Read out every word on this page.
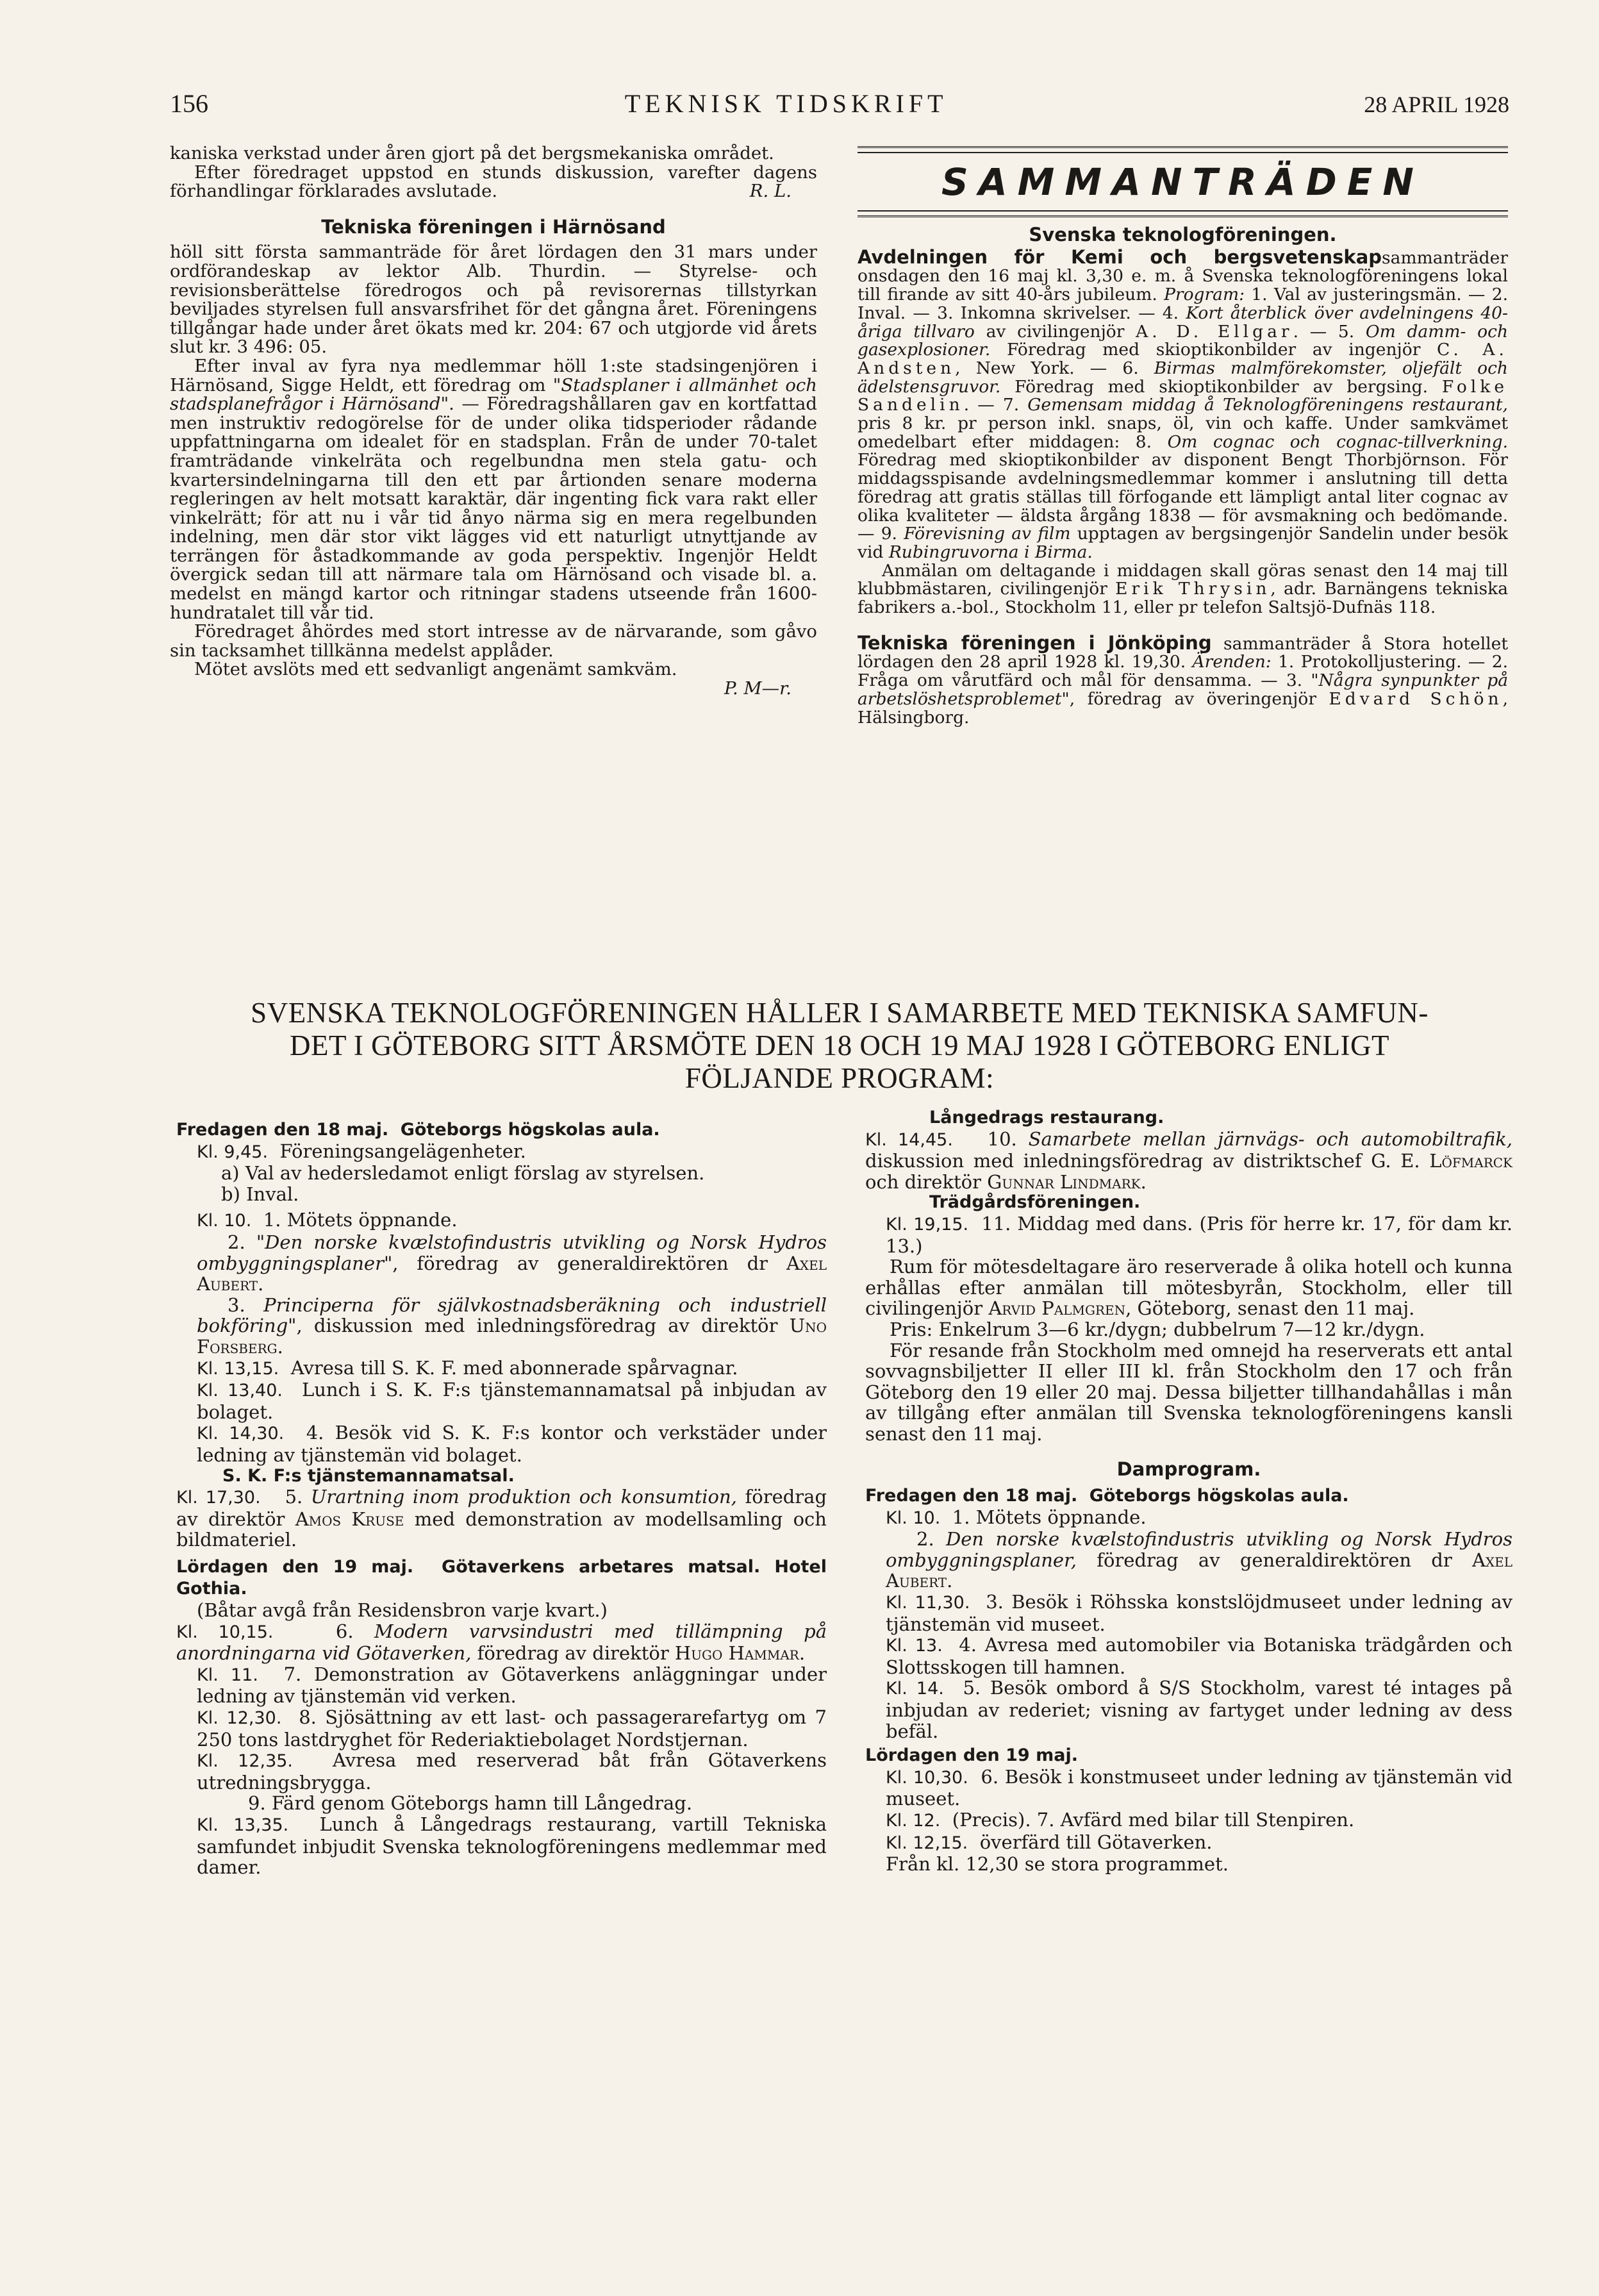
156	TEKNISK TIDSKRIFT	28 APRIL 1928

kaniska verkstad under åren gjort på det bergsmekaniska området.

Efter föredraget uppstod en stunds diskussion, varefter dagens förhandlingar förklarades avslutade.	R. L.

Tekniska föreningen i Härnösand

höll sitt första sammanträde för året lördagen den 31 mars under ordförandeskap av lektor Alb. Thurdin. — Styrelse- och revisionsberättelse föredrogos och på revisorernas tillstyrkan beviljades styrelsen full ansvarsfrihet för det gångna året. Föreningens tillgångar hade under året ökats med kr. 204: 67 och utgjorde vid årets slut kr. 3 496: 05.

Efter inval av fyra nya medlemmar höll 1:ste stadsingenjören i Härnösand, Sigge Heldt, ett föredrag om "Stadsplaner i allmänhet och stadsplanefrågor i Härnösand". — Föredragshållaren gav en kortfattad men instruktiv redogörelse för de under olika tidsperioder rådande uppfattningarna om idealet för en stadsplan. Från de under 70-talet framträdande vinkelräta och regelbundna men stela gatu- och kvartersindelningarna till den ett par årtionden senare moderna regleringen av helt motsatt karaktär, där ingenting fick vara rakt eller vinkelrätt; för att nu i vår tid ånyo närma sig en mera regelbunden indelning, men där stor vikt lägges vid ett naturligt utnyttjande av terrängen för åstadkommande av goda perspektiv. Ingenjör Heldt övergick sedan till att närmare tala om Härnösand och visade bl. a. medelst en mängd kartor och ritningar stadens utseende från 1600-hundratalet till vår tid.

Föredraget åhördes med stort intresse av de närvarande, som gåvo sin tacksamhet tillkänna medelst applåder.

Mötet avslöts med ett sedvanligt angenämt samkväm.

P. M—r.

SAMMANTRÄDEN
Svenska teknologföreningen.

Avdelningen för Kemi och bergsvetenskapsammanträder onsdagen den 16 maj kl. 3,30 e. m. å Svenska teknologföreningens lokal till firande av sitt 40-års jubileum. Program: 1. Val av justeringsmän. — 2. Inval. — 3. Inkomna skrivelser. — 4. Kort återblick över avdelningens 40-åriga tillvaro av civilingenjör A. D. Ellgar. — 5. Om damm- och gasexplosioner. Föredrag med skioptikonbilder av ingenjör C. A. Andsten, New York. — 6. Birmas malmförekomster, oljefält och ädelstensgruvor. Föredrag med skioptikonbilder av bergsing. Folke Sandelin. — 7. Gemensam middag å Teknologföreningens restaurant, pris 8 kr. pr person inkl. snaps, öl, vin och kaffe. Under samkvämet omedelbart efter middagen: 8. Om cognac och cognac-tillverkning. Föredrag med skioptikonbilder av disponent Bengt Thorbjörnson. För middagsspisande avdelningsmedlemmar kommer i anslutning till detta föredrag att gratis ställas till förfogande ett lämpligt antal liter cognac av olika kvaliteter — äldsta årgång 1838 — för avsmakning och bedömande. — 9. Förevisning av film upptagen av bergsingenjör Sandelin under besök vid Rubingruvorna i Birma.

Anmälan om deltagande i middagen skall göras senast den 14 maj till klubbmästaren, civilingenjör Erik Thrysin, adr. Barnängens tekniska fabrikers a.-bol., Stockholm 11, eller pr telefon Saltsjö-Dufnäs 118.

Tekniska föreningen i Jönköping sammanträder å Stora hotellet lördagen den 28 april 1928 kl. 19,30. Ärenden: 1. Protokolljustering. — 2. Fråga om vårutfärd och mål för densamma. — 3. "Några synpunkter på arbetslöshetsproblemet", föredrag av överingenjör Edvard Schön, Hälsingborg.

SVENSKA TEKNOLOGFÖRENINGEN HÅLLER I SAMARBETE MED TEKNISKA SAMFUN-
DET I GÖTEBORG SITT ÅRSMÖTE DEN 18 OCH 19 MAJ 1928 I GÖTEBORG ENLIGT
FÖLJANDE PROGRAM:

Fredagen den 18 maj. Göteborgs högskolas aula.

Kl. 9,45. Föreningsangelägenheter.

a) Val av hedersledamot enligt förslag av styrelsen.

b) Inval.

Kl. 10. 1. Mötets öppnande.

2. "Den norske kvælstofindustris utvikling og Norsk Hydros ombyggningsplaner", föredrag av generaldirektören dr Axel Aubert.

3. Principerna för självkostnadsberäkning och industriell bokföring", diskussion med inledningsföredrag av direktör Uno Forsberg.

Kl. 13,15. Avresa till S. K. F. med abonnerade spårvagnar.

Kl. 13,40. Lunch i S. K. F:s tjänstemannamatsal på inbjudan av bolaget.

Kl. 14,30. 4. Besök vid S. K. F:s kontor och verkstäder under ledning av tjänstemän vid bolaget.

S. K. F:s tjänstemannamatsal.

Kl. 17,30. 5. Urartning inom produktion och konsumtion, föredrag av direktör Amos Kruse med demonstration av modellsamling och bildmateriel.

Lördagen den 19 maj. Götaverkens arbetares matsal. Hotel Gothia.

(Båtar avgå från Residensbron varje kvart.)

Kl. 10,15.	6. Modern varvsindustri med tillämpning på anordningarna vid Götaverken, föredrag av direktör Hugo Hammar.

Kl. 11. 7. Demonstration av Götaverkens anläggningar under ledning av tjänstemän vid verken.

Kl. 12,30. 8. Sjösättning av ett last- och passagerarefartyg om 7 250 tons lastdryghet för Rederiaktiebolaget Nordstjernan.

Kl. 12,35. Avresa med reserverad båt från Götaverkens utredningsbrygga.

9. Färd genom Göteborgs hamn till Långedrag.

Kl. 13,35. Lunch å Långedrags restaurang, vartill Tekniska samfundet inbjudit Svenska teknologföreningens medlemmar med damer.

Långedrags restaurang.

Kl. 14,45. 10. Samarbete mellan järnvägs- och automobiltrafik, diskussion med inledningsföredrag av distriktschef G. E. Löfmarck och direktör Gunnar Lindmark.

Trädgårdsföreningen.

Kl. 19,15. 11. Middag med dans. (Pris för herre kr. 17, för dam kr. 13.)

Rum för mötesdeltagare äro reserverade å olika hotell och kunna erhållas efter anmälan till mötesbyrån, Stockholm, eller till civilingenjör Arvid Palmgren, Göteborg, senast den 11 maj.

Pris: Enkelrum 3—6 kr./dygn; dubbelrum 7—12 kr./dygn.

För resande från Stockholm med omnejd ha reserverats ett antal sovvagnsbiljetter II eller III kl. från Stockholm den 17 och från Göteborg den 19 eller 20 maj. Dessa biljetter tillhandahållas i mån av tillgång efter anmälan till Svenska teknologföreningens kansli senast den 11 maj.

Damprogram.

Fredagen den 18 maj. Göteborgs högskolas aula.

Kl. 10. 1. Mötets öppnande.

2. Den norske kvælstofindustris utvikling og Norsk Hydros ombyggningsplaner, föredrag av generaldirektören dr Axel Aubert.

Kl. 11,30. 3. Besök i Röhsska konstslöjdmuseet under ledning av tjänstemän vid museet.

Kl. 13. 4. Avresa med automobiler via Botaniska trädgården och Slottsskogen till hamnen.

Kl. 14. 5. Besök ombord å S/S Stockholm, varest té intages på inbjudan av rederiet; visning av fartyget under ledning av dess befäl.

Lördagen den 19 maj.

Kl. 10,30. 6. Besök i konstmuseet under ledning av tjänstemän vid museet.

Kl. 12. (Precis). 7. Avfärd med bilar till Stenpiren.

Kl. 12,15. överfärd till Götaverken.

Från kl. 12,30 se stora programmet.
